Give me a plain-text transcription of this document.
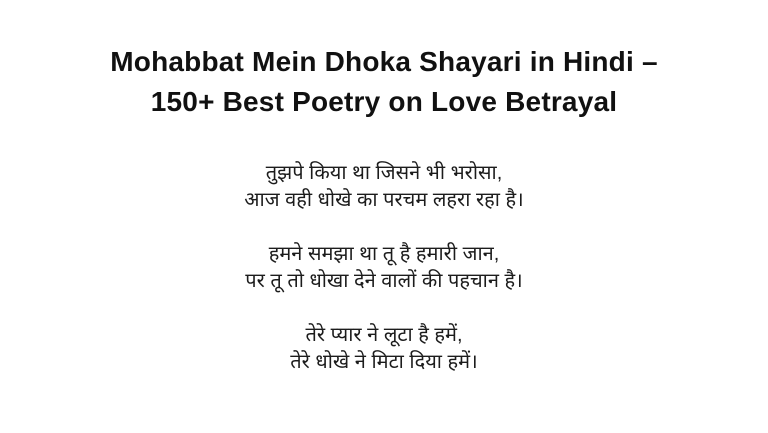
Mohabbat Mein Dhoka Shayari in Hindi –
150+ Best Poetry on Love Betrayal

तुझपे किया था जिसने भी भरोसा,
आज वही धोखे का परचम लहरा रहा है।

हमने समझा था तू है हमारी जान,
पर तू तो धोखा देने वालों की पहचान है।

तेरे प्यार ने लूटा है हमें,
तेरे धोखे ने मिटा दिया हमें।
